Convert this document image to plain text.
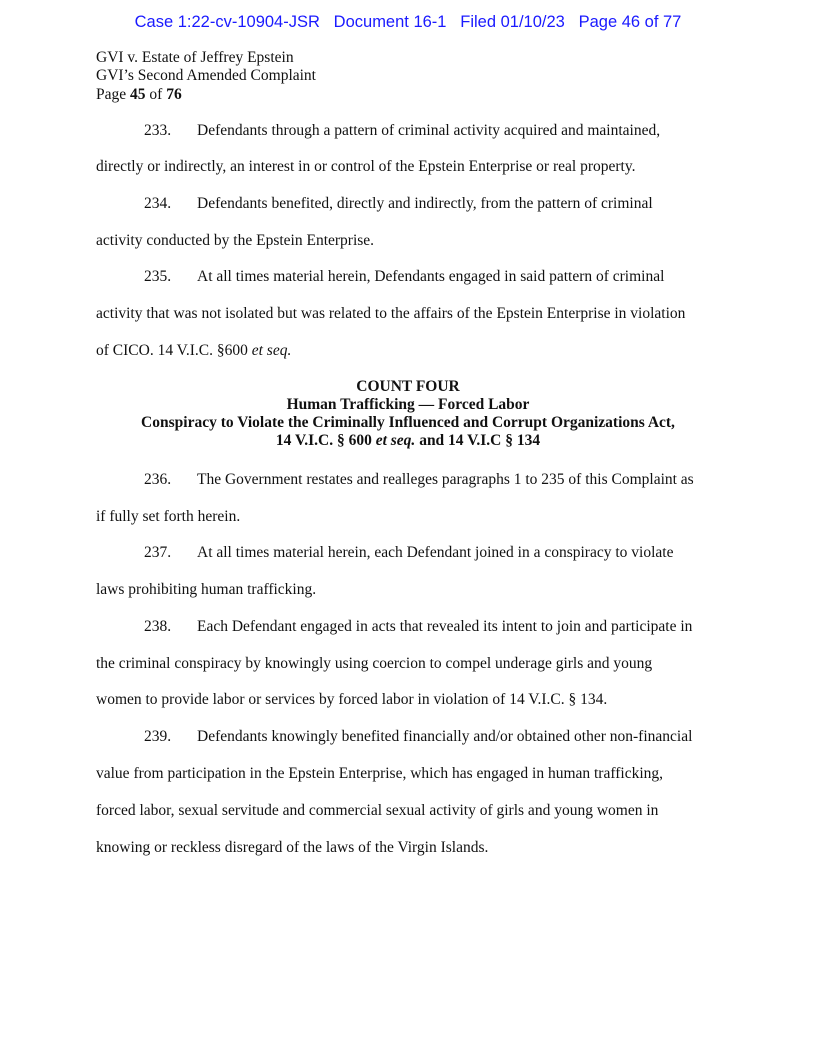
Case 1:22-cv-10904-JSR Document 16-1 Filed 01/10/23 Page 46 of 77
GVI v. Estate of Jeffrey Epstein
GVI’s Second Amended Complaint
Page 45 of 76
233. Defendants through a pattern of criminal activity acquired and maintained,
directly or indirectly, an interest in or control of the Epstein Enterprise or real property.
234. Defendants benefited, directly and indirectly, from the pattern of criminal
activity conducted by the Epstein Enterprise.
235. At all times material herein, Defendants engaged in said pattern of criminal
activity that was not isolated but was related to the affairs of the Epstein Enterprise in violation
of CICO. 14 V.I.C. §600 et seq.
COUNT FOUR
Human Trafficking — Forced Labor
Conspiracy to Violate the Criminally Influenced and Corrupt Organizations Act,
14 V.I.C. § 600 et seq. and 14 V.I.C § 134
236. The Government restates and realleges paragraphs 1 to 235 of this Complaint as
if fully set forth herein.
237. At all times material herein, each Defendant joined in a conspiracy to violate
laws prohibiting human trafficking.
238. Each Defendant engaged in acts that revealed its intent to join and participate in
the criminal conspiracy by knowingly using coercion to compel underage girls and young
women to provide labor or services by forced labor in violation of 14 V.I.C. § 134.
239. Defendants knowingly benefited financially and/or obtained other non-financial
value from participation in the Epstein Enterprise, which has engaged in human trafficking,
forced labor, sexual servitude and commercial sexual activity of girls and young women in
knowing or reckless disregard of the laws of the Virgin Islands.
